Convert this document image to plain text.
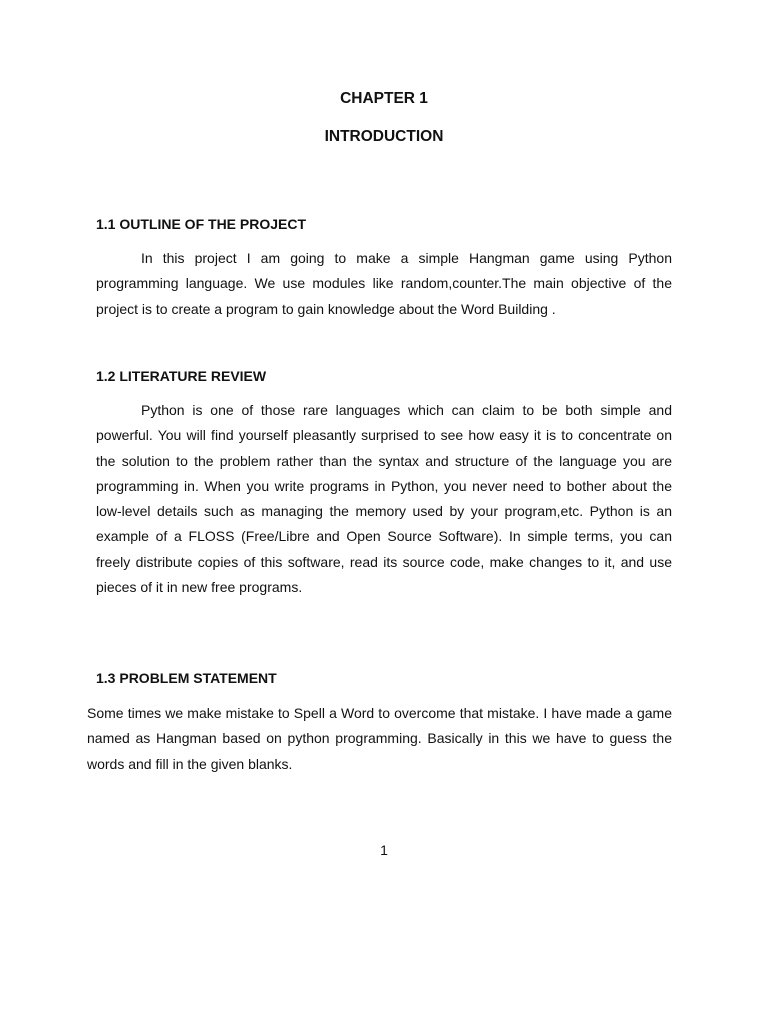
CHAPTER 1
INTRODUCTION
1.1 OUTLINE OF THE PROJECT

In this project I am going to make a simple Hangman game using Python programming language. We use modules like random,counter.The main objective of the project is to create a program to gain knowledge about the Word Building .

1.2 LITERATURE REVIEW

Python is one of those rare languages which can claim to be both simple and powerful. You will find yourself pleasantly surprised to see how easy it is to concentrate on the solution to the problem rather than the syntax and structure of the language you are programming in. When you write programs in Python, you never need to bother about the low-level details such as managing the memory used by your program,etc. Python is an example of a FLOSS (Free/Libre and Open Source Software). In simple terms, you can freely distribute copies of this software, read its source code, make changes to it, and use pieces of it in new free programs.

1.3 PROBLEM STATEMENT

Some times we make mistake to Spell a Word to overcome that mistake. I have made a game named as Hangman based on python programming. Basically in this we have to guess the words and fill in the given blanks.

1
